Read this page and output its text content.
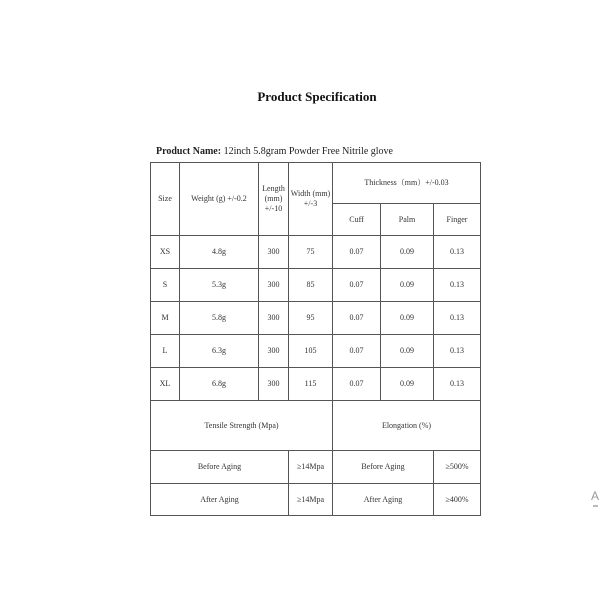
Product Specification
Product Name: 12inch 5.8gram Powder Free Nitrile glove
Size	Weight (g) +/-0.2	Length (mm) +/-10	Width (mm) +/-3	Thickness（mm）+/-0.03		
				Cuff	Palm	Finger
XS	4.8g	300	75	0.07	0.09	0.13
S	5.3g	300	85	0.07	0.09	0.13
M	5.8g	300	95	0.07	0.09	0.13
L	6.3g	300	105	0.07	0.09	0.13
XL	6.8g	300	115	0.07	0.09	0.13
Tensile Strength (Mpa)				Elongation (%)		
Before Aging			≥14Mpa	Before Aging		≥500%
After Aging			≥14Mpa	After Aging		≥400%	A
